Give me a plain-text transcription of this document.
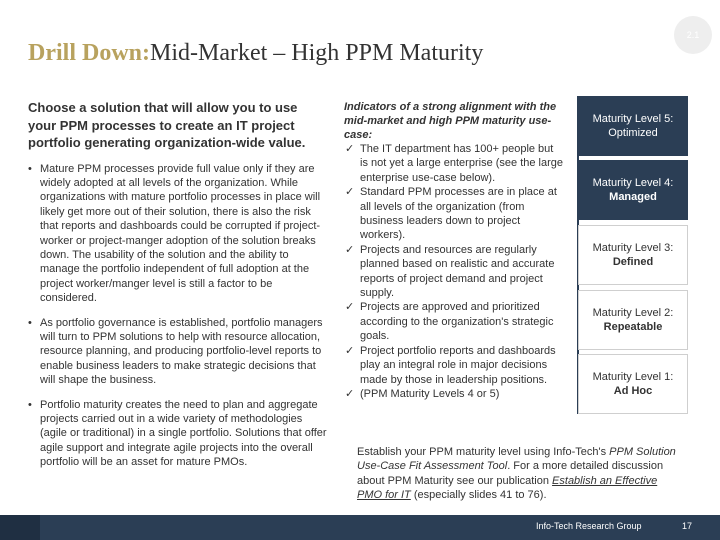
2.1
Drill Down:Mid-Market – High PPM Maturity
Choose a solution that will allow you to use your PPM processes to create an IT project portfolio generating organization-wide value.
• Mature PPM processes provide full value only if they are widely adopted at all levels of the organization. While organizations with mature portfolio processes in place will likely get more out of their solution, there is also the risk that reports and dashboards could be corrupted if project-worker or project-manger adoption of the solution breaks down. The usability of the solution and the ability to manage the portfolio independent of full adoption at the project worker/manger level is still a factor to be considered.
• As portfolio governance is established, portfolio managers will turn to PPM solutions to help with resource allocation, resource planning, and producing portfolio-level reports to enable business leaders to make strategic decisions that will shape the business.
• Portfolio maturity creates the need to plan and aggregate projects carried out in a wide variety of methodologies (agile or traditional) in a single portfolio. Solutions that offer agile support and integrate agile projects into the overall portfolio will be an asset for mature PMOs.
Indicators of a strong alignment with the mid-market and high PPM maturity use-case:
✓ The IT department has 100+ people but is not yet a large enterprise (see the large enterprise use-case below).
✓ Standard PPM processes are in place at all levels of the organization (from business leaders down to project workers).
✓ Projects and resources are regularly planned based on realistic and accurate reports of project demand and project supply.
✓ Projects are approved and prioritized according to the organization's strategic goals.
✓ Project portfolio reports and dashboards play an integral role in major decisions made by those in leadership positions.
✓ (PPM Maturity Levels 4 or 5)
Maturity Level 5:
Optimized
Maturity Level 4:
Managed
Maturity Level 3:
Defined
Maturity Level 2:
Repeatable
Maturity Level 1:
Ad Hoc
Establish your PPM maturity level using Info-Tech's PPM Solution Use-Case Fit Assessment Tool. For a more detailed discussion about PPM Maturity see our publication Establish an Effective PMO for IT (especially slides 41 to 76).
Info-Tech Research Group	17
